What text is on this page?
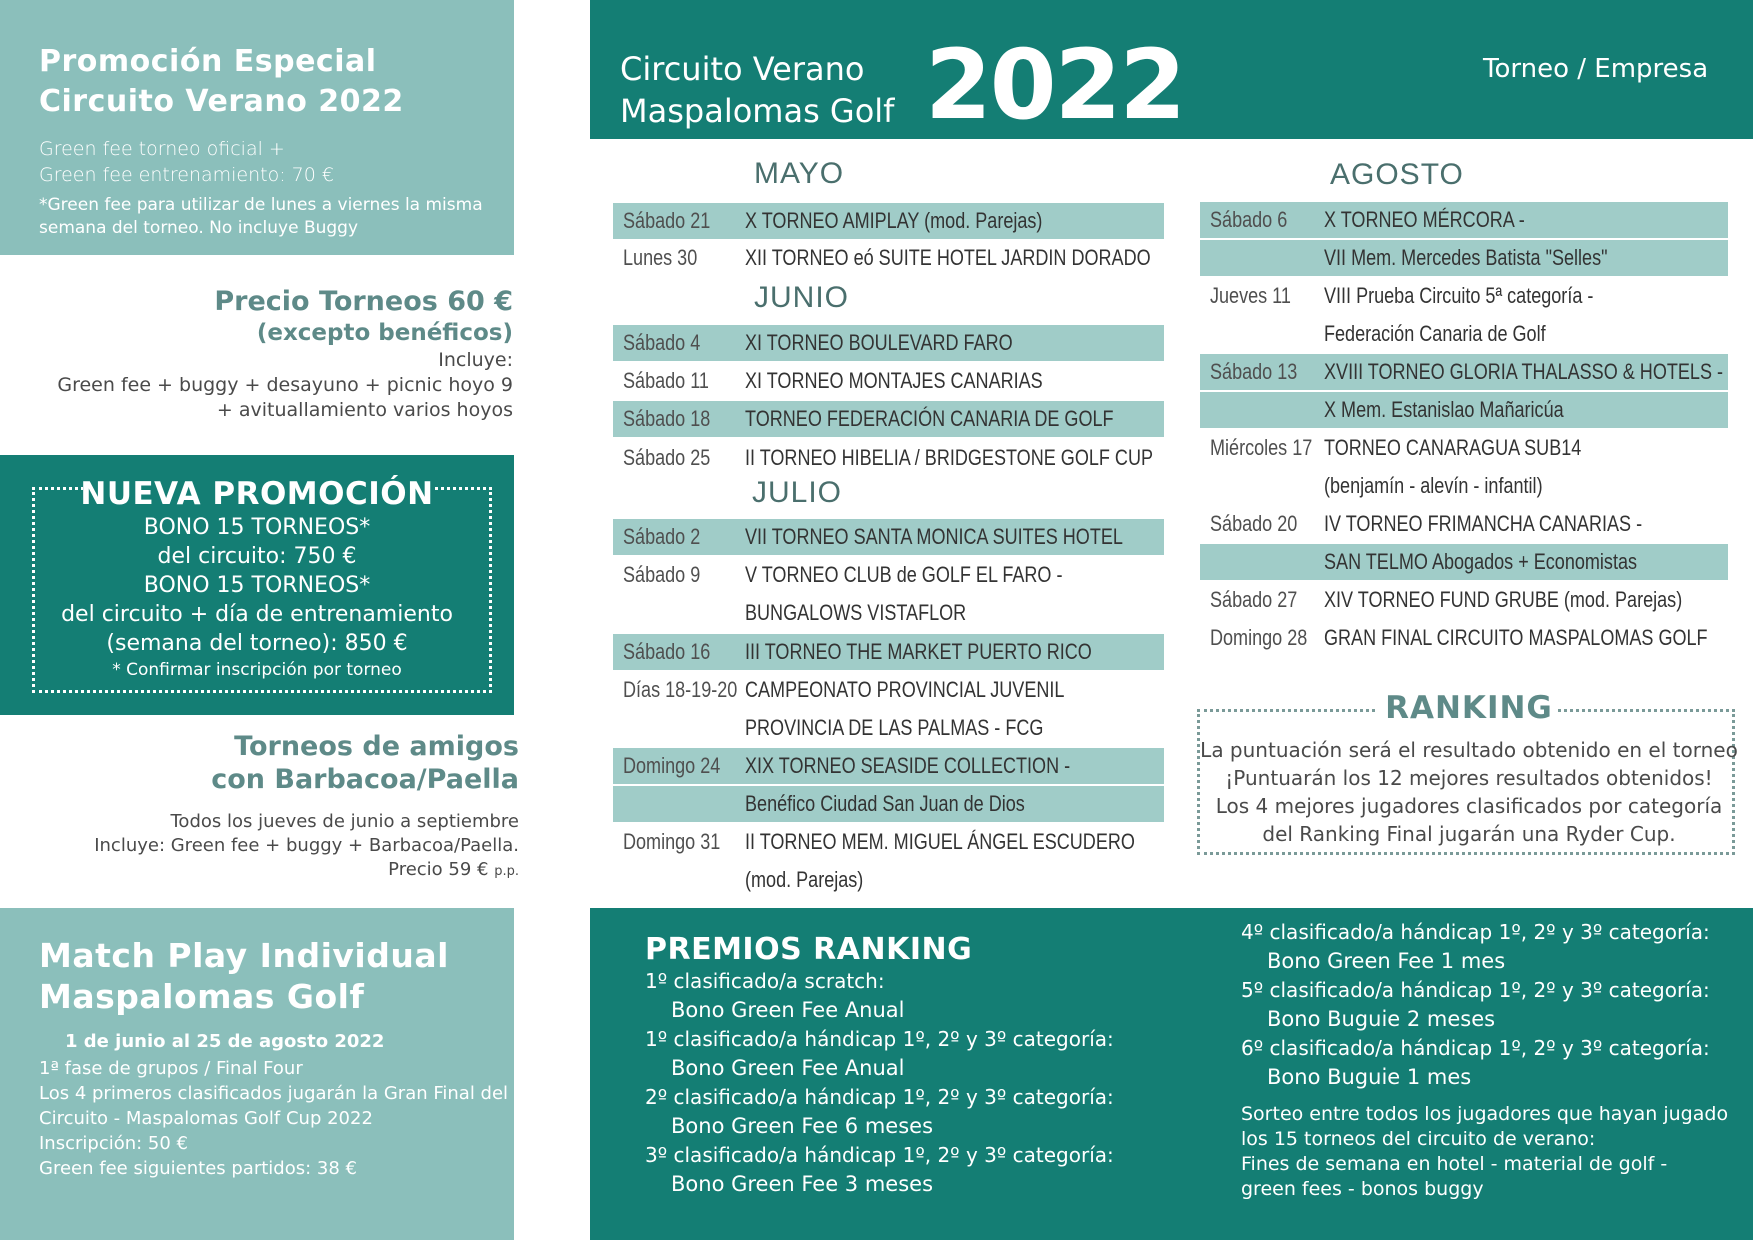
Promoción Especial
Circuito Verano 2022
Green fee torneo oficial +
Green fee entrenamiento: 70 €
*Green fee para utilizar de lunes a viernes la misma
semana del torneo. No incluye Buggy
Precio Torneos 60 €
(excepto benéficos)
Incluye:
Green fee + buggy + desayuno + picnic hoyo 9
+ avituallamiento varios hoyos
NUEVA PROMOCIÓN
BONO 15 TORNEOS*
del circuito: 750 €
BONO 15 TORNEOS*
del circuito + día de entrenamiento
(semana del torneo): 850 €
* Confirmar inscripción por torneo
Torneos de amigos
con Barbacoa/Paella
Todos los jueves de junio a septiembre
Incluye: Green fee + buggy + Barbacoa/Paella.
Precio 59 € p.p.
Match Play Individual
Maspalomas Golf
1 de junio al 25 de agosto 2022
1ª fase de grupos / Final Four
Los 4 primeros clasificados jugarán la Gran Final del
Circuito - Maspalomas Golf Cup 2022
Inscripción: 50 €
Green fee siguientes partidos: 38 €
Circuito Verano
Maspalomas Golf 2022	Torneo / Empresa
MAYO
JUNIO
JULIO
AGOSTO
Sábado 21 X TORNEO AMIPLAY (mod. Parejas)
Lunes 30 XII TORNEO eó SUITE HOTEL JARDIN DORADO
Sábado 4 XI TORNEO BOULEVARD FARO
Sábado 11 XI TORNEO MONTAJES CANARIAS
Sábado 18 TORNEO FEDERACIÓN CANARIA DE GOLF
Sábado 25 II TORNEO HIBELIA / BRIDGESTONE GOLF CUP
Sábado 2 VII TORNEO SANTA MONICA SUITES HOTEL
Sábado 9 V TORNEO CLUB de GOLF EL FARO -
BUNGALOWS VISTAFLOR
Sábado 16 III TORNEO THE MARKET PUERTO RICO
Días 18-19-20 CAMPEONATO PROVINCIAL JUVENIL
PROVINCIA DE LAS PALMAS - FCG
Domingo 24 XIX TORNEO SEASIDE COLLECTION -
Benéfico Ciudad San Juan de Dios
Domingo 31 II TORNEO MEM. MIGUEL ÁNGEL ESCUDERO
(mod. Parejas)
Sábado 6 X TORNEO MÉRCORA -
VII Mem. Mercedes Batista "Selles"
Jueves 11 VIII Prueba Circuito 5ª categoría -
Federación Canaria de Golf
Sábado 13 XVIII TORNEO GLORIA THALASSO & HOTELS -
X Mem. Estanislao Mañaricúa
Miércoles 17 TORNEO CANARAGUA SUB14
(benjamín - alevín - infantil)
Sábado 20 IV TORNEO FRIMANCHA CANARIAS -
SAN TELMO Abogados + Economistas
Sábado 27 XIV TORNEO FUND GRUBE (mod. Parejas)
Domingo 28 GRAN FINAL CIRCUITO MASPALOMAS GOLF
RANKING
La puntuación será el resultado obtenido en el torneo
¡Puntuarán los 12 mejores resultados obtenidos!
Los 4 mejores jugadores clasificados por categoría
del Ranking Final jugarán una Ryder Cup.
PREMIOS RANKING
1º clasificado/a scratch:
Bono Green Fee Anual
1º clasificado/a hándicap 1º, 2º y 3º categoría:
Bono Green Fee Anual
2º clasificado/a hándicap 1º, 2º y 3º categoría:
Bono Green Fee 6 meses
3º clasificado/a hándicap 1º, 2º y 3º categoría:
Bono Green Fee 3 meses
4º clasificado/a hándicap 1º, 2º y 3º categoría:
Bono Green Fee 1 mes
5º clasificado/a hándicap 1º, 2º y 3º categoría:
Bono Buguie 2 meses
6º clasificado/a hándicap 1º, 2º y 3º categoría:
Bono Buguie 1 mes
Sorteo entre todos los jugadores que hayan jugado
los 15 torneos del circuito de verano:
Fines de semana en hotel - material de golf -
green fees - bonos buggy
